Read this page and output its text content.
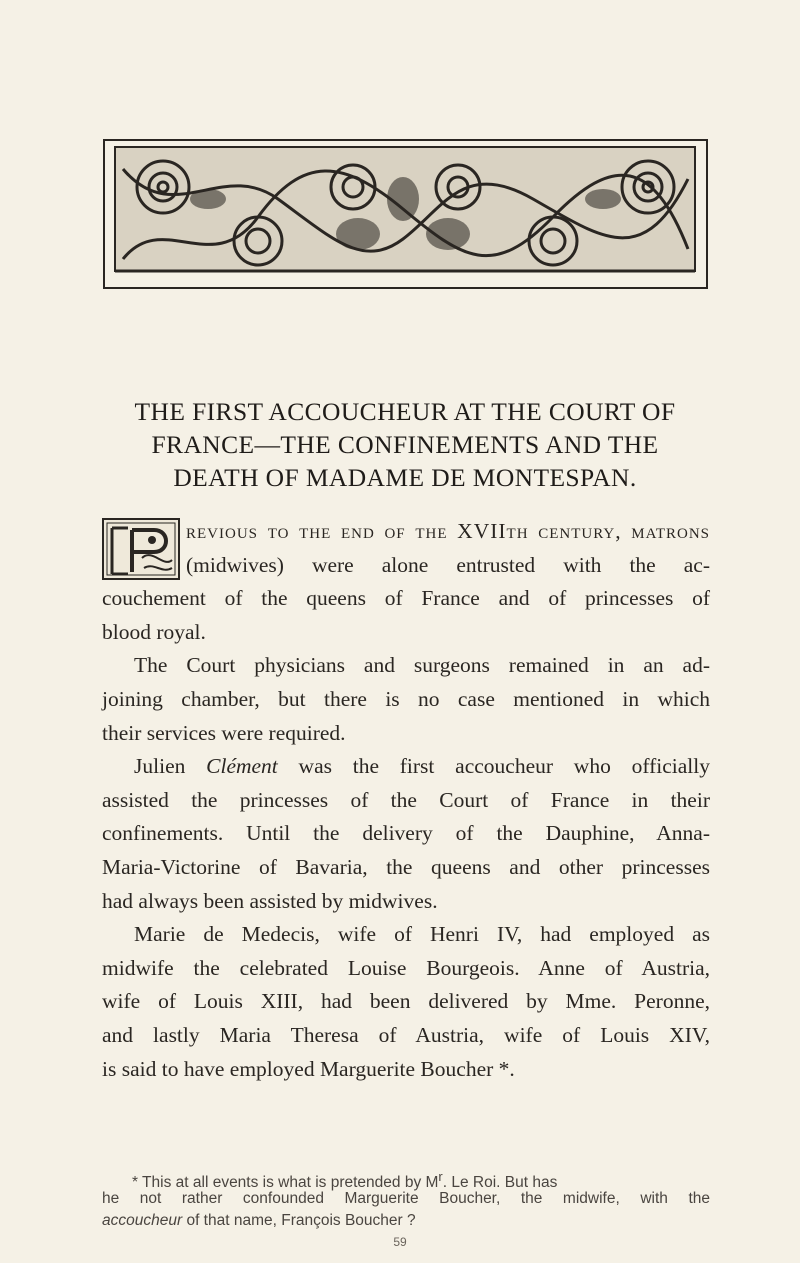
THE FIRST ACCOUCHEUR AT THE COURT OF
FRANCE—THE CONFINEMENTS AND THE
DEATH OF MADAME DE MONTESPAN.
revious to the end of the XVIIth century, matrons
(midwives) were alone entrusted with the ac-
couchement of the queens of France and of princesses of
blood royal.
The Court physicians and surgeons remained in an ad-
joining chamber, but there is no case mentioned in which
their services were required.
Julien Clément was the first accoucheur who officially
assisted the princesses of the Court of France in their
confinements. Until the delivery of the Dauphine, Anna-
Maria-Victorine of Bavaria, the queens and other princesses
had always been assisted by midwives.
Marie de Medecis, wife of Henri IV, had employed as
midwife the celebrated Louise Bourgeois. Anne of Austria,
wife of Louis XIII, had been delivered by Mme. Peronne,
and lastly Maria Theresa of Austria, wife of Louis XIV,
is said to have employed Marguerite Boucher *.
* This at all events is what is pretended by $M^r$. Le Roi. But has
he not rather confounded Marguerite Boucher, the midwife, with the
accoucheur of that name, François Boucher ?
59
